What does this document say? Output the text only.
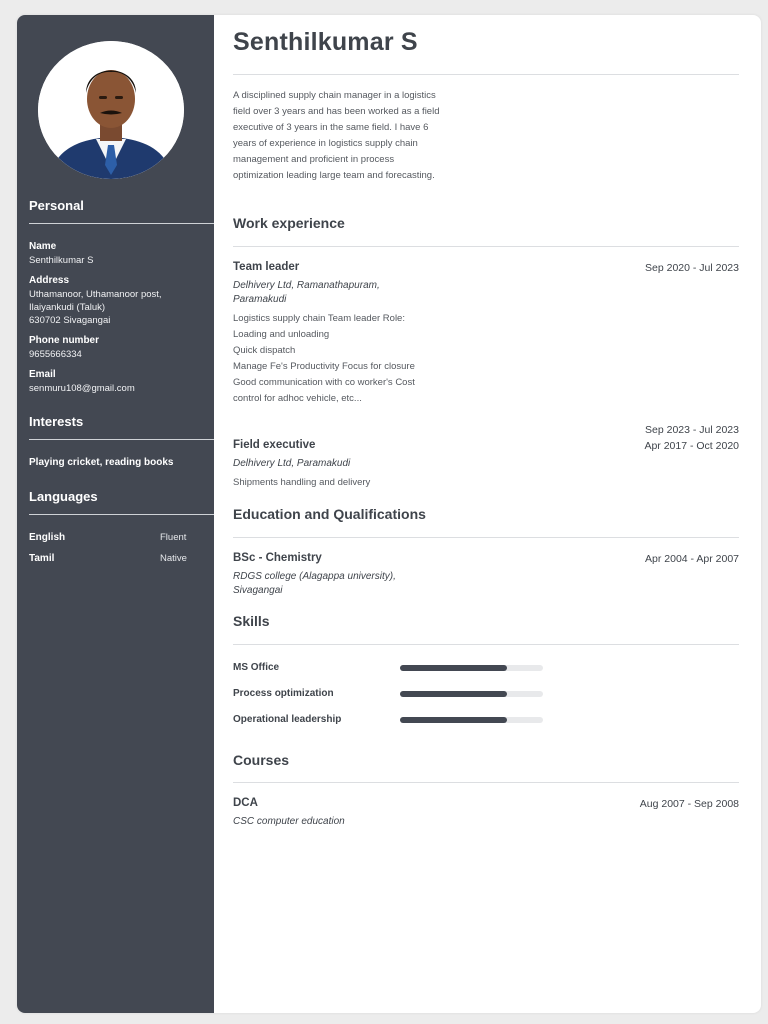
Personal
Name
Senthilkumar S
Address
Uthamanoor, Uthamanoor post,
Ilaiyankudi (Taluk)
630702 Sivagangai
Phone number
9655666334
Email
senmuru108@gmail.com
Interests
Playing cricket, reading books
Languages
English	Fluent
Tamil	Native
Senthilkumar S
A disciplined supply chain manager in a logistics field over 3 years and has been worked as a field executive of 3 years in the same field. I have 6 years of experience in logistics supply chain management and proficient in process optimization leading large team and forecasting.
Work experience
Team leader	Sep 2020 - Jul 2023
Delhivery Ltd, Ramanathapuram,
Paramakudi
Logistics supply chain Team leader Role:
Loading and unloading
Quick dispatch
Manage Fe's Productivity Focus for closure
Good communication with co worker's Cost
control for adhoc vehicle, etc...
Sep 2023 - Jul 2023
Field executive	Apr 2017 - Oct 2020
Delhivery Ltd, Paramakudi
Shipments handling and delivery
Education and Qualifications
BSc - Chemistry	Apr 2004 - Apr 2007
RDGS college (Alagappa university),
Sivagangai
Skills
MS Office
Process optimization
Operational leadership
Courses
DCA	Aug 2007 - Sep 2008
CSC computer education
